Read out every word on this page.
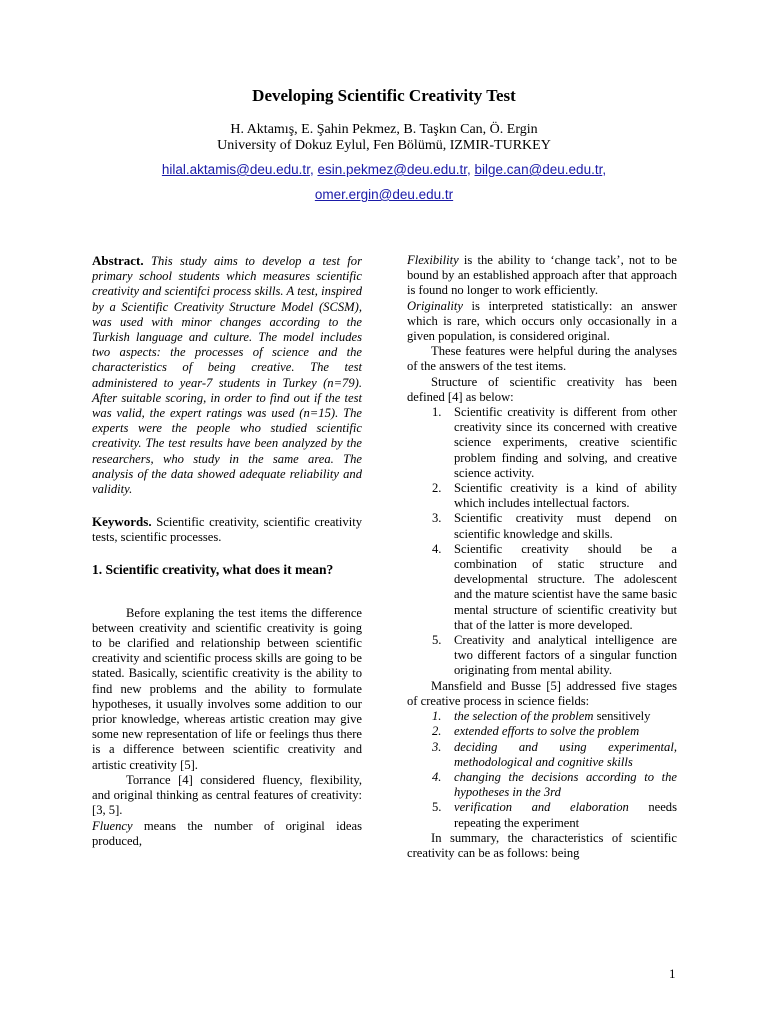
Developing Scientific Creativity Test
H. Aktamış, E. Şahin Pekmez, B. Taşkın Can, Ö. Ergin
University of Dokuz Eylul, Fen Bölümü, IZMIR-TURKEY
hilal.aktamis@deu.edu.tr, esin.pekmez@deu.edu.tr, bilge.can@deu.edu.tr,
omer.ergin@deu.edu.tr

Abstract. This study aims to develop a test for primary school students which measures scientific creativity and scientifci process skills. A test, inspired by a Scientific Creativity Structure Model (SCSM), was used with minor changes according to the Turkish language and culture. The model includes two aspects: the processes of science and the characteristics of being creative. The test administered to year-7 students in Turkey (n=79). After suitable scoring, in order to find out if the test was valid, the expert ratings was used (n=15). The experts were the people who studied scientific creativity. The test results have been analyzed by the researchers, who study in the same area. The analysis of the data showed adequate reliability and validity.

Keywords. Scientific creativity, scientific creativity tests, scientific processes.

1. Scientific creativity, what does it mean?

Before explaning the test items the difference between creativity and scientific creativity is going to be clarified and relationship between scientific creativity and scientific process skills are going to be stated. Basically, scientific creativity is the ability to find new problems and the ability to formulate hypotheses, it usually involves some addition to our prior knowledge, whereas artistic creation may give some new representation of life or feelings thus there is a difference between scientific creativity and artistic creativity [5].

Torrance [4] considered fluency, flexibility, and original thinking as central features of creativity: [3, 5].

Fluency means the number of original ideas produced,

Flexibility is the ability to ‘change tack’, not to be bound by an established approach after that approach is found no longer to work efficiently.

Originality is interpreted statistically: an answer which is rare, which occurs only occasionally in a given population, is considered original.

These features were helpful during the analyses of the answers of the test items.

Structure of scientific creativity has been defined [4] as below:

1. Scientific creativity is different from other creativity since its concerned with creative science experiments, creative scientific problem finding and solving, and creative science activity.
2. Scientific creativity is a kind of ability which includes intellectual factors.
3. Scientific creativity must depend on scientific knowledge and skills.
4. Scientific creativity should be a combination of static structure and developmental structure. The adolescent and the mature scientist have the same basic mental structure of scientific creativity but that of the latter is more developed.
5. Creativity and analytical intelligence are two different factors of a singular function originating from mental ability.

Mansfield and Busse [5] addressed five stages of creative process in science fields:

1. the selection of the problem sensitively
2. extended efforts to solve the problem
3. deciding and using experimental, methodological and cognitive skills
4. changing the decisions according to the hypotheses in the 3rd
5. verification and elaboration needs repeating the experiment

In summary, the characteristics of scientific creativity can be as follows: being

1
